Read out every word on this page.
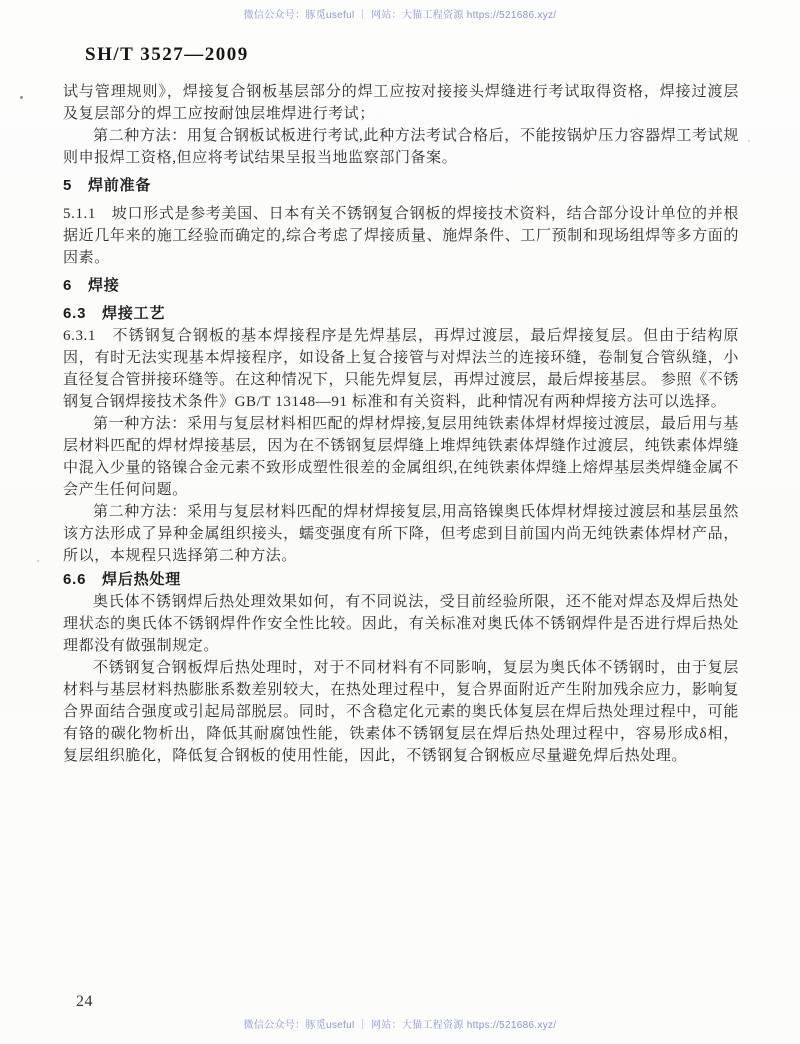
微信公众号：豚觅useful ｜ 网站：大猫工程资源 https://521686.xyz/
SH/T 3527—2009

试与管理规则》，焊接复合钢板基层部分的焊工应按对接接头焊缝进行考试取得资格，焊接过渡层及复层部分的焊工应按耐蚀层堆焊进行考试；

第二种方法：用复合钢板试板进行考试,此种方法考试合格后，不能按锅炉压力容器焊工考试规则申报焊工资格,但应将考试结果呈报当地监察部门备案。

5　焊前准备

5.1.1　坡口形式是参考美国、日本有关不锈钢复合钢板的焊接技术资料，结合部分设计单位的并根据近几年来的施工经验而确定的,综合考虑了焊接质量、施焊条件、工厂预制和现场组焊等多方面的因素。

6　焊接
6.3　焊接工艺

6.3.1　不锈钢复合钢板的基本焊接程序是先焊基层，再焊过渡层，最后焊接复层。但由于结构原因，有时无法实现基本焊接程序，如设备上复合接管与对焊法兰的连接环缝，卷制复合管纵缝，小直径复合管拼接环缝等。在这种情况下，只能先焊复层，再焊过渡层，最后焊接基层。 参照《不锈钢复合钢焊接技术条件》GB/T 13148—91 标准和有关资料，此种情况有两种焊接方法可以选择。

第一种方法：采用与复层材料相匹配的焊材焊接,复层用纯铁素体焊材焊接过渡层，最后用与基层材料匹配的焊材焊接基层，因为在不锈钢复层焊缝上堆焊纯铁素体焊缝作过渡层，纯铁素体焊缝中混入少量的铬镍合金元素不致形成塑性很差的金属组织,在纯铁素体焊缝上熔焊基层类焊缝金属不会产生任何问题。

第二种方法：采用与复层材料匹配的焊材焊接复层,用高铬镍奥氏体焊材焊接过渡层和基层虽然该方法形成了异种金属组织接头，蠕变强度有所下降，但考虑到目前国内尚无纯铁素体焊材产品，所以，本规程只选择第二种方法。

6.6　焊后热处理

奥氏体不锈钢焊后热处理效果如何，有不同说法，受目前经验所限，还不能对焊态及焊后热处理状态的奥氏体不锈钢焊件作安全性比较。因此，有关标准对奥氏体不锈钢焊件是否进行焊后热处理都没有做强制规定。

不锈钢复合钢板焊后热处理时，对于不同材料有不同影响，复层为奥氏体不锈钢时，由于复层材料与基层材料热膨胀系数差别较大，在热处理过程中，复合界面附近产生附加残余应力，影响复合界面结合强度或引起局部脱层。同时，不含稳定化元素的奥氏体复层在焊后热处理过程中，可能有铬的碳化物析出，降低其耐腐蚀性能，铁素体不锈钢复层在焊后热处理过程中，容易形成δ相，复层组织脆化，降低复合钢板的使用性能，因此，不锈钢复合钢板应尽量避免焊后热处理。

24
微信公众号：豚觅useful ｜ 网站：大猫工程资源 https://521686.xyz/
